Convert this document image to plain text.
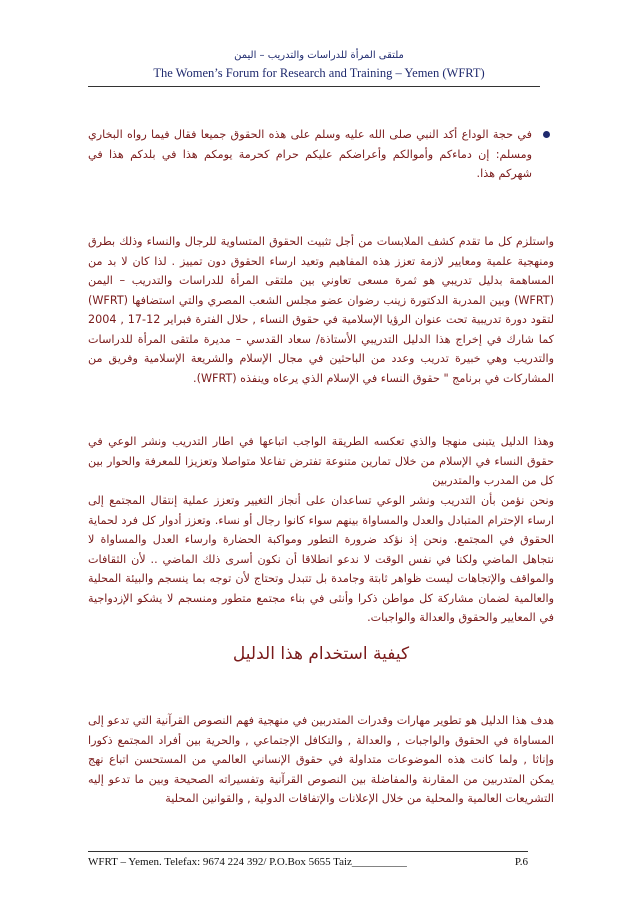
ملتقى المرأة للدراسات والتدريب – اليمن
The Women’s Forum for Research and Training – Yemen (WFRT)
في حجة الوداع أكد النبي صلى الله عليه وسلم على هذه الحقوق جميعا فقال فيما رواه البخاري ومسلم: إن دماءكم وأموالكم وأعراضكم عليكم حرام كحرمة يومكم هذا في بلدكم هذا في شهركم هذا.
واستلزم كل ما تقدم كشف الملابسات من أجل تثبيت الحقوق المتساوية للرجال والنساء وذلك بطرق ومنهجية علمية ومعايير لازمة تعزز هذه المفاهيم وتعيد ارساء الحقوق دون تمييز . لذا كان لا بد من المساهمة بدليل تدريبي هو ثمرة مسعى تعاوني بين ملتقى المرأة للدراسات والتدريب – اليمن (WFRT) وبين المدربة الدكتورة زينب رضوان عضو مجلس الشعب المصري والتي استضافها (WFRT) لتقود دورة تدريبية تحت عنوان الرؤيا الإسلامية في حقوق النساء , حلال الفترة فبراير 12-17 , 2004 كما شارك في إخراج هذا الدليل التدريبي الأستاذة/ سعاد القدسي – مديرة ملتقى المرأة للدراسات والتدريب وهي خبيرة تدريب وعدد من الباحثين في مجال الإسلام والشريعة الإسلامية وفريق من المشاركات في برنامج " حقوق النساء في الإسلام الذي يرعاه وينفذه (WFRT).
وهذا الدليل يتبنى منهجا والذي تعكسه الطريقة الواجب اتباعها في اطار التدريب ونشر الوعي في حقوق النساء في الإسلام من خلال تمارين متنوعة تفترض تفاعلا متواصلا وتعزيزا للمعرفة والحوار بين كل من المدرب والمتدربين
ونحن نؤمن بأن التدريب ونشر الوعي تساعدان على أنجاز التغيير وتعزز عملية إنتقال المجتمع إلى ارساء الإحترام المتبادل والعدل والمساواة بينهم سواء كانوا رجال أو نساء. وتعزز أدوار كل فرد لحماية الحقوق في المجتمع. ونحن إذ نؤكد ضرورة التطور ومواكبة الحضارة وارساء العدل والمساواة لا نتجاهل الماضي ولكنا في نفس الوقت لا ندعو انطلاقا أن نكون أسرى ذلك الماضي .. لأن الثقافات والمواقف والإتجاهات ليست ظواهر ثابتة وجامدة بل تتبدل وتحتاج لأن توجه بما ينسجم والبيئة المحلية والعالمية لضمان مشاركة كل مواطن ذكرا وأنثى في بناء مجتمع متطور ومنسجم لا يشكو الإزدواجية في المعايير والحقوق والعدالة والواجبات.
كيفية استخدام هذا الدليل
هدف هذا الدليل هو تطوير مهارات وقدرات المتدربين في منهجية فهم النصوص القرآنية التي تدعو إلى المساواة في الحقوق والواجبات , والعدالة , والتكافل الإجتماعي , والحرية بين أفراد المجتمع ذكورا وإناثا , ولما كانت هذه الموضوعات متداولة في حقوق الإنساني العالمي من المستحسن اتباع نهج يمكن المتدربين من المقارنة والمفاضلة بين النصوص القرآنية وتفسيراته الصحيحة وبين ما تدعو إليه التشريعات العالمية والمحلية من خلال الإعلانات والإتفاقات الدولية , والقوانين المحلية
WFRT – Yemen. Telefax: 9674 224 392/ P.O.Box 5655 Taiz__________	P.6
